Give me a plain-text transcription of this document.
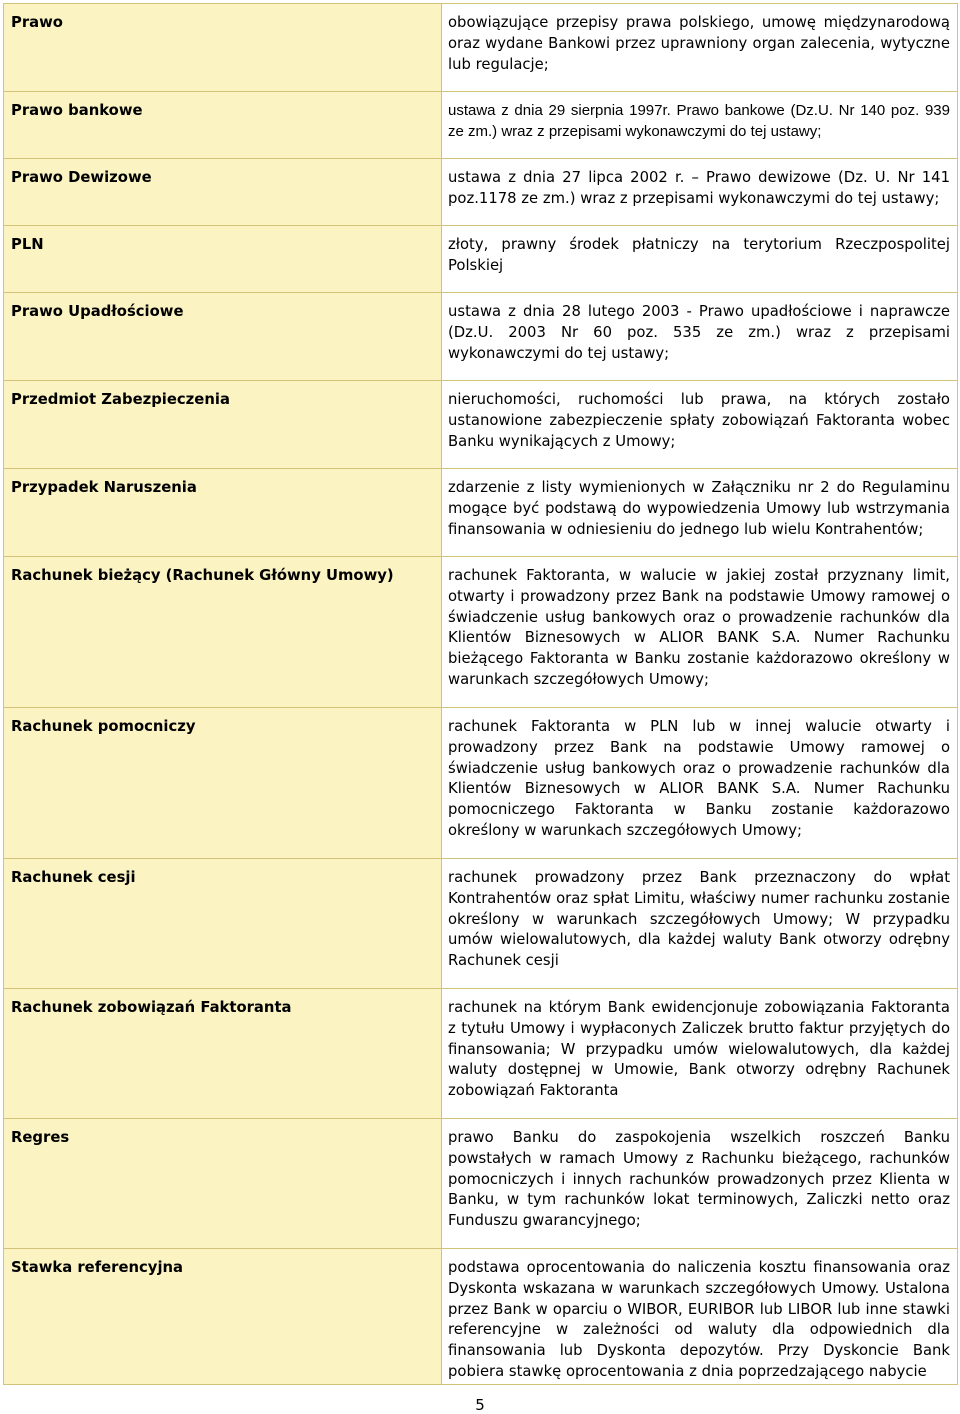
Prawo	obowiązujące przepisy prawa polskiego, umowę międzynarodową oraz wydane Bankowi przez uprawniony organ zalecenia, wytyczne lub regulacje;
Prawo bankowe	ustawa z dnia 29 sierpnia 1997r. Prawo bankowe (Dz.U. Nr 140 poz. 939 ze zm.) wraz z przepisami wykonawczymi do tej ustawy;
Prawo Dewizowe	ustawa z dnia 27 lipca 2002 r. – Prawo dewizowe (Dz. U. Nr 141 poz.1178 ze zm.) wraz z przepisami wykonawczymi do tej ustawy;
PLN	złoty, prawny środek płatniczy na terytorium Rzeczpospolitej Polskiej
Prawo Upadłościowe	ustawa z dnia 28 lutego 2003 - Prawo upadłościowe i naprawcze (Dz.U. 2003 Nr 60 poz. 535 ze zm.) wraz z przepisami wykonawczymi do tej ustawy;
Przedmiot Zabezpieczenia	nieruchomości, ruchomości lub prawa, na których zostało ustanowione zabezpieczenie spłaty zobowiązań Faktoranta wobec Banku wynikających z Umowy;
Przypadek Naruszenia	zdarzenie z listy wymienionych w Załączniku nr 2 do Regulaminu mogące być podstawą do wypowiedzenia Umowy lub wstrzymania finansowania w odniesieniu do jednego lub wielu Kontrahentów;
Rachunek bieżący (Rachunek Główny Umowy)	rachunek Faktoranta, w walucie w jakiej został przyznany limit, otwarty i prowadzony przez Bank na podstawie Umowy ramowej o świadczenie usług bankowych oraz o prowadzenie rachunków dla Klientów Biznesowych w ALIOR BANK S.A. Numer Rachunku bieżącego Faktoranta w Banku zostanie każdorazowo określony w warunkach szczegółowych Umowy;
Rachunek pomocniczy	rachunek Faktoranta w PLN lub w innej walucie otwarty i prowadzony przez Bank na podstawie Umowy ramowej o świadczenie usług bankowych oraz o prowadzenie rachunków dla Klientów Biznesowych w ALIOR BANK S.A. Numer Rachunku pomocniczego Faktoranta w Banku zostanie każdorazowo określony w warunkach szczegółowych Umowy;
Rachunek cesji	rachunek prowadzony przez Bank przeznaczony do wpłat Kontrahentów oraz spłat Limitu, właściwy numer rachunku zostanie określony w warunkach szczegółowych Umowy; W przypadku umów wielowalutowych, dla każdej waluty Bank otworzy odrębny Rachunek cesji
Rachunek zobowiązań Faktoranta	rachunek na którym Bank ewidencjonuje zobowiązania Faktoranta z tytułu Umowy i wypłaconych Zaliczek brutto faktur przyjętych do finansowania; W przypadku umów wielowalutowych, dla każdej waluty dostępnej w Umowie, Bank otworzy odrębny Rachunek zobowiązań Faktoranta
Regres	prawo Banku do zaspokojenia wszelkich roszczeń Banku powstałych w ramach Umowy z Rachunku bieżącego, rachunków pomocniczych i innych rachunków prowadzonych przez Klienta w Banku, w tym rachunków lokat terminowych, Zaliczki netto oraz Funduszu gwarancyjnego;
Stawka referencyjna	podstawa oprocentowania do naliczenia kosztu finansowania oraz Dyskonta wskazana w warunkach szczegółowych Umowy. Ustalona przez Bank w oparciu o WIBOR, EURIBOR lub LIBOR lub inne stawki referencyjne w zależności od waluty dla odpowiednich dla finansowania lub Dyskonta depozytów. Przy Dyskoncie Bank pobiera stawkę oprocentowania z dnia poprzedzającego nabycie
5
